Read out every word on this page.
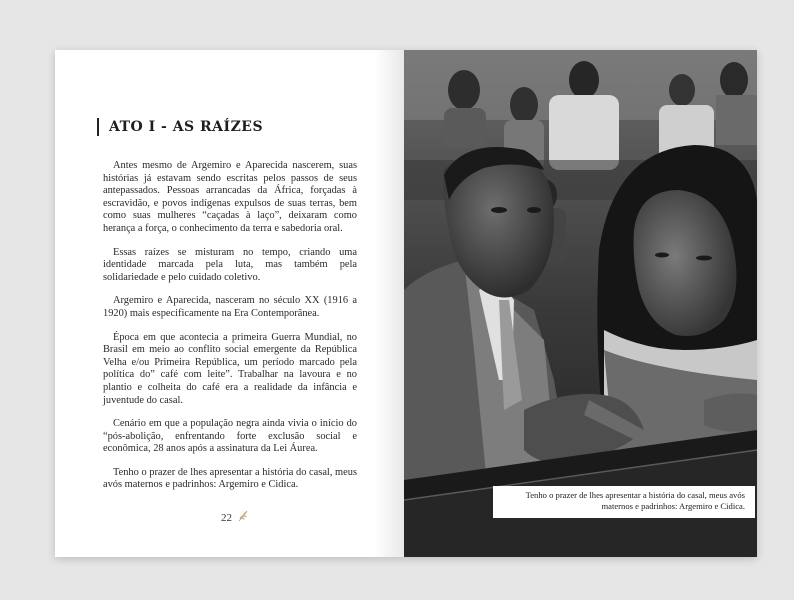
ATO I - AS RAÍZES

Antes mesmo de Argemiro e Aparecida nascerem, suas histórias já estavam sendo escritas pelos passos de seus antepassados. Pessoas arrancadas da África, forçadas à escravidão, e povos indígenas expulsos de suas terras, bem como suas mulheres “caçadas à laço”, deixaram como herança a força, o conhecimento da terra e sabedoria oral.

Essas raízes se misturam no tempo, criando uma identidade marcada pela luta, mas também pela solidariedade e pelo cuidado coletivo.

Argemiro e Aparecida, nasceram no século XX (1916 a 1920) mais especificamente na Era Contemporânea.

Época em que acontecia a primeira Guerra Mundial, no Brasil em meio ao conflito social emergente da República Velha e/ou Primeira República, um período marcado pela política do” café com leite”. Trabalhar na lavoura e no plantio e colheita do café era a realidade da infância e juventude do casal.

Cenário em que a população negra ainda vivia o início do “pós-abolição, enfrentando forte exclusão social e econômica, 28 anos após a assinatura da Lei Áurea.

Tenho o prazer de lhes apresentar a história do casal, meus avós maternos e padrinhos: Argemiro e Cidica.

22
Tenho o prazer de lhes apresentar a história do casal, meus avós
maternos e padrinhos: Argemiro e Cidica.
